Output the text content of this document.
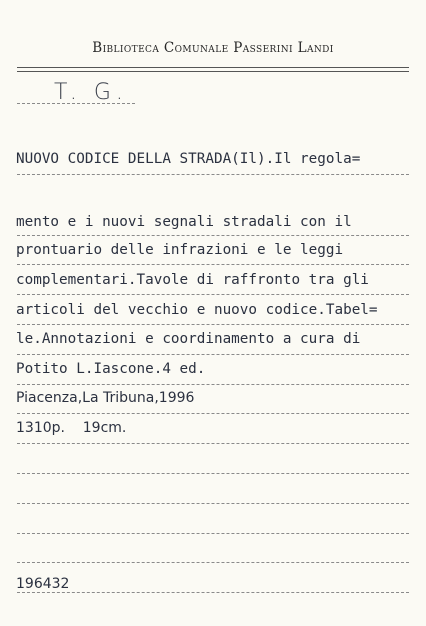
Biblioteca Comunale Passerini Landi
T. G.
NUOVO CODICE DELLA STRADA(Il).Il regola=
mento e i nuovi segnali stradali con il
prontuario delle infrazioni e le leggi
complementari.Tavole di raffronto tra gli
articoli del vecchio e nuovo codice.Tabel=
le.Annotazioni e coordinamento a cura di
Potito L.Iascone.4 ed.
Piacenza,La Tribuna,1996
1310p.    19cm.
196432
